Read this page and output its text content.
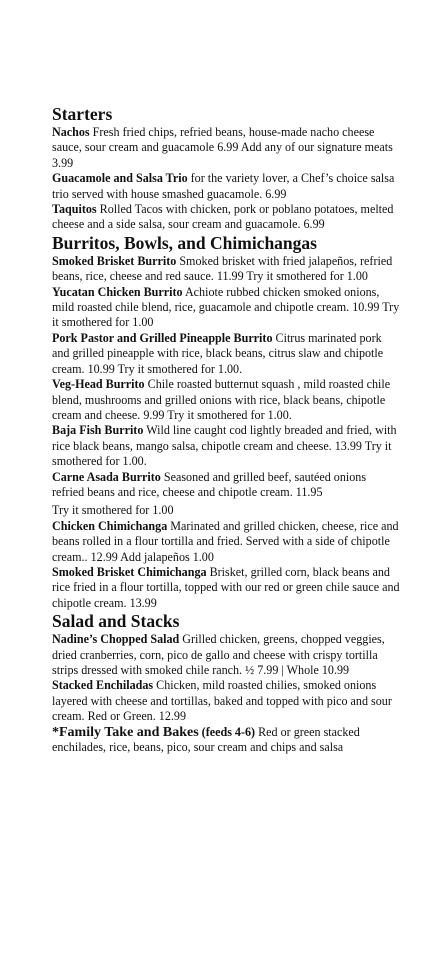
Starters

Nachos Fresh fried chips, refried beans, house-made nacho cheese sauce, sour cream and guacamole 6.99 Add any of our signature meats 3.99

Guacamole and Salsa Trio for the variety lover, a Chef’s choice salsa trio served with house smashed guacamole. 6.99

Taquitos Rolled Tacos with chicken, pork or poblano potatoes, melted cheese and a side salsa, sour cream and guacamole. 6.99

Burritos, Bowls, and Chimichangas

Smoked Brisket Burrito Smoked brisket with fried jalapeños, refried beans, rice, cheese and red sauce. 11.99 Try it smothered for 1.00

Yucatan Chicken Burrito Achiote rubbed chicken smoked onions, mild roasted chile blend, rice, guacamole and chipotle cream. 10.99 Try it smothered for 1.00

Pork Pastor and Grilled Pineapple Burrito Citrus marinated pork and grilled pineapple with rice, black beans, citrus slaw and chipotle cream. 10.99 Try it smothered for 1.00.

Veg-Head Burrito Chile roasted butternut squash , mild roasted chile blend, mushrooms and grilled onions with rice, black beans, chipotle cream and cheese. 9.99 Try it smothered for 1.00.

Baja Fish Burrito Wild line caught cod lightly breaded and fried, with rice black beans, mango salsa, chipotle cream and cheese. 13.99 Try it smothered for 1.00.

Carne Asada Burrito Seasoned and grilled beef, sautéed onions refried beans and rice, cheese and chipotle cream. 11.95
Try it smothered for 1.00

Chicken Chimichanga Marinated and grilled chicken, cheese, rice and beans rolled in a flour tortilla and fried. Served with a side of chipotle cream.. 12.99 Add jalapeños 1.00

Smoked Brisket Chimichanga Brisket, grilled corn, black beans and rice fried in a flour tortilla, topped with our red or green chile sauce and chipotle cream. 13.99

Salad and Stacks

Nadine’s Chopped Salad Grilled chicken, greens, chopped veggies, dried cranberries, corn, pico de gallo and cheese with crispy tortilla strips dressed with smoked chile ranch. ½ 7.99 | Whole 10.99

Stacked Enchiladas Chicken, mild roasted chilies, smoked onions layered with cheese and tortillas, baked and topped with pico and sour cream. Red or Green. 12.99

*Family Take and Bakes (feeds 4-6) Red or green stacked enchilades, rice, beans, pico, sour cream and chips and salsa
